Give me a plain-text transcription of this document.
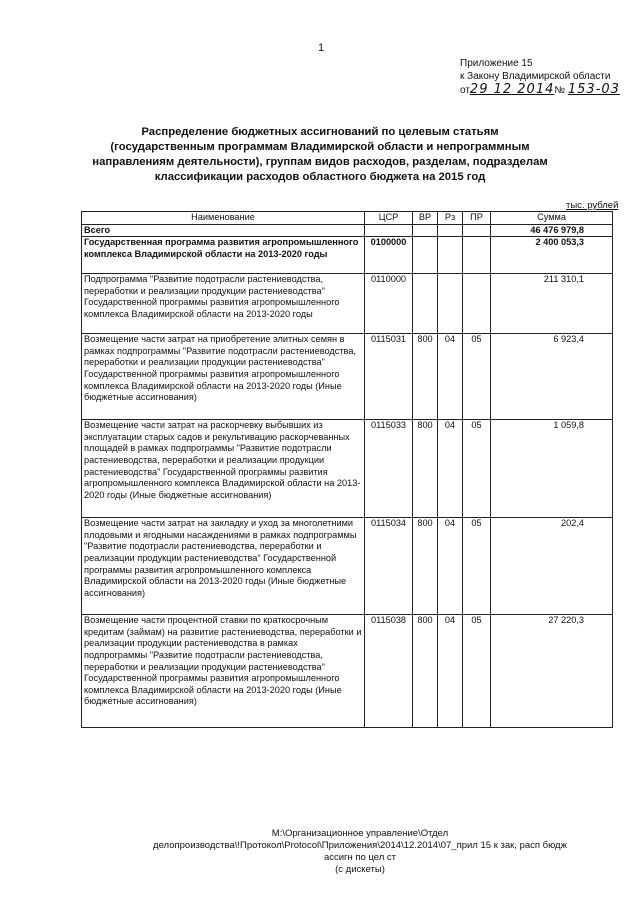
1
Приложение 15
к Закону Владимирской области
от29 12 2014№ 153-03
Распределение бюджетных ассигнований по целевым статьям (государственным программам Владимирской области и непрограммным направлениям деятельности), группам видов расходов, разделам, подразделам классификации расходов областного бюджета на 2015 год
тыс. рублей
Наименование	ЦСР	ВР	Рз	ПР	Сумма
Всего					46 476 979,8
Государственная программа развития агропромышленного комплекса Владимирской области на 2013-2020 годы	0100000				2 400 053,3
Подпрограмма "Развитие подотрасли растениеводства, переработки и реализации продукции растениеводства" Государственной программы развития агропромышленного комплекса Владимирской области на 2013-2020 годы	0110000				211 310,1
Возмещение части затрат на приобретение элитных семян в рамках подпрограммы "Развитие подотрасли растениеводства, переработки и реализации продукции растениеводства" Государственной программы развития агропромышленного комплекса Владимирской области на 2013-2020 годы (Иные бюджетные ассигнования)	0115031	800	04	05	6 923,4
Возмещение части затрат на раскорчевку выбывших из эксплуатации старых садов и рекультивацию раскорчеванных площадей в рамках подпрограммы "Развитие подотрасли растениеводства, переработки и реализации продукции растениеводства" Государственной программы развития агропромышленного комплекса Владимирской области на 2013-2020 годы (Иные бюджетные ассигнования)	0115033	800	04	05	1 059,8
Возмещение части затрат на закладку и уход за многолетними плодовыми и ягодными насаждениями в рамках подпрограммы "Развитие подотрасли растениеводства, переработки и реализации продукции растениеводства" Государственной программы развития агропромышленного комплекса Владимирской области на 2013-2020 годы (Иные бюджетные ассигнования)	0115034	800	04	05	202,4
Возмещение части процентной ставки по краткосрочным кредитам (займам) на развитие растениеводства, переработки и реализации продукции растениеводства в рамках подпрограммы "Развитие подотрасли растениеводства, переработки и реализации продукции растениеводства" Государственной программы развития агропромышленного комплекса Владимирской области на 2013-2020 годы (Иные бюджетные ассигнования)	0115038	800	04	05	27 220,3
М:\Организационное управление\Отдел
делопроизводства\!Протокол\Protocol\Приложения\2014\12.2014\07_прил 15 к зак, расп бюдж ассигн по цел ст
(с дискеты)
